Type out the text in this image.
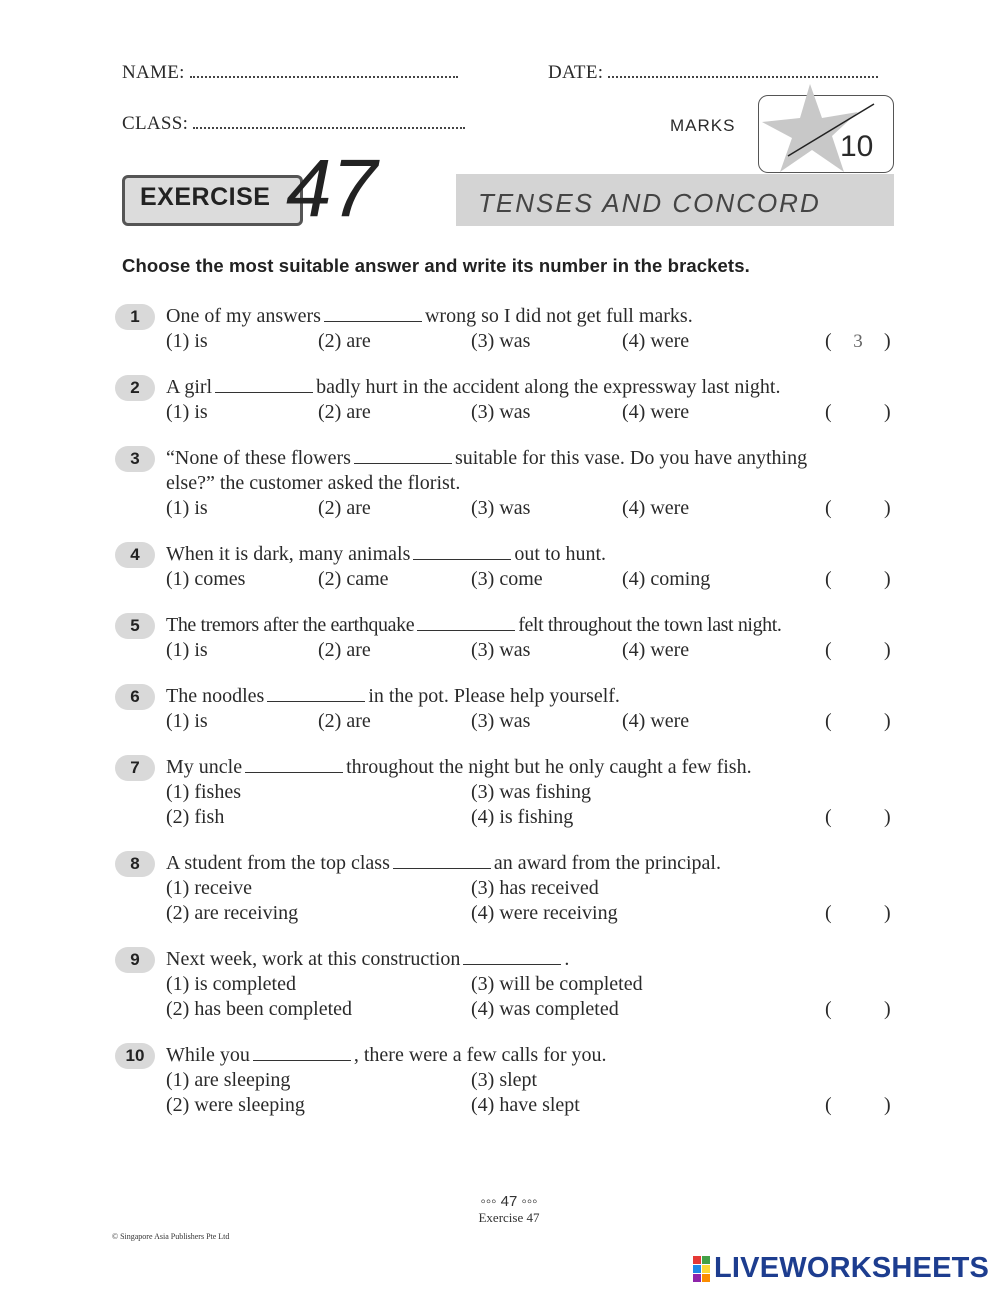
NAME:	DATE:
CLASS:	MARKS
10
EXERCISE 47	TENSES AND CONCORD
Choose the most suitable answer and write its number in the brackets.
1	One of my answers	wrong so I did not get full marks.
(1) is	(2) are	(3) was	(4) were	(	3	)
2	A girl	badly hurt in the accident along the expressway last night.
(1) is	(2) are	(3) was	(4) were	(	)
3	“None of these flowers	suitable for this vase. Do you have anything
else?” the customer asked the florist.
(1) is	(2) are	(3) was	(4) were	(	)
4	When it is dark, many animals	out to hunt.
(1) comes	(2) came	(3) come	(4) coming	(	)
5	The tremors after the earthquake	felt throughout the town last night.
(1) is	(2) are	(3) was	(4) were	(	)
6	The noodles	in the pot. Please help yourself.
(1) is	(2) are	(3) was	(4) were	(	)
7	My uncle	throughout the night but he only caught a few fish.
(1) fishes	(3) was fishing
(2) fish	(4) is fishing	(	)
8	A student from the top class	an award from the principal.
(1) receive	(3) has received
(2) are receiving	(4) were receiving	(	)
9	Next week, work at this construction	.
(1) is completed	(3) will be completed
(2) has been completed	(4) was completed	(	)
10	While you	, there were a few calls for you.
(1) are sleeping	(3) slept
(2) were sleeping	(4) have slept	(	)
◦◦◦ 47 ◦◦◦
Exercise 47
© Singapore Asia Publishers Pte Ltd
LIVEWORKSHEETS
